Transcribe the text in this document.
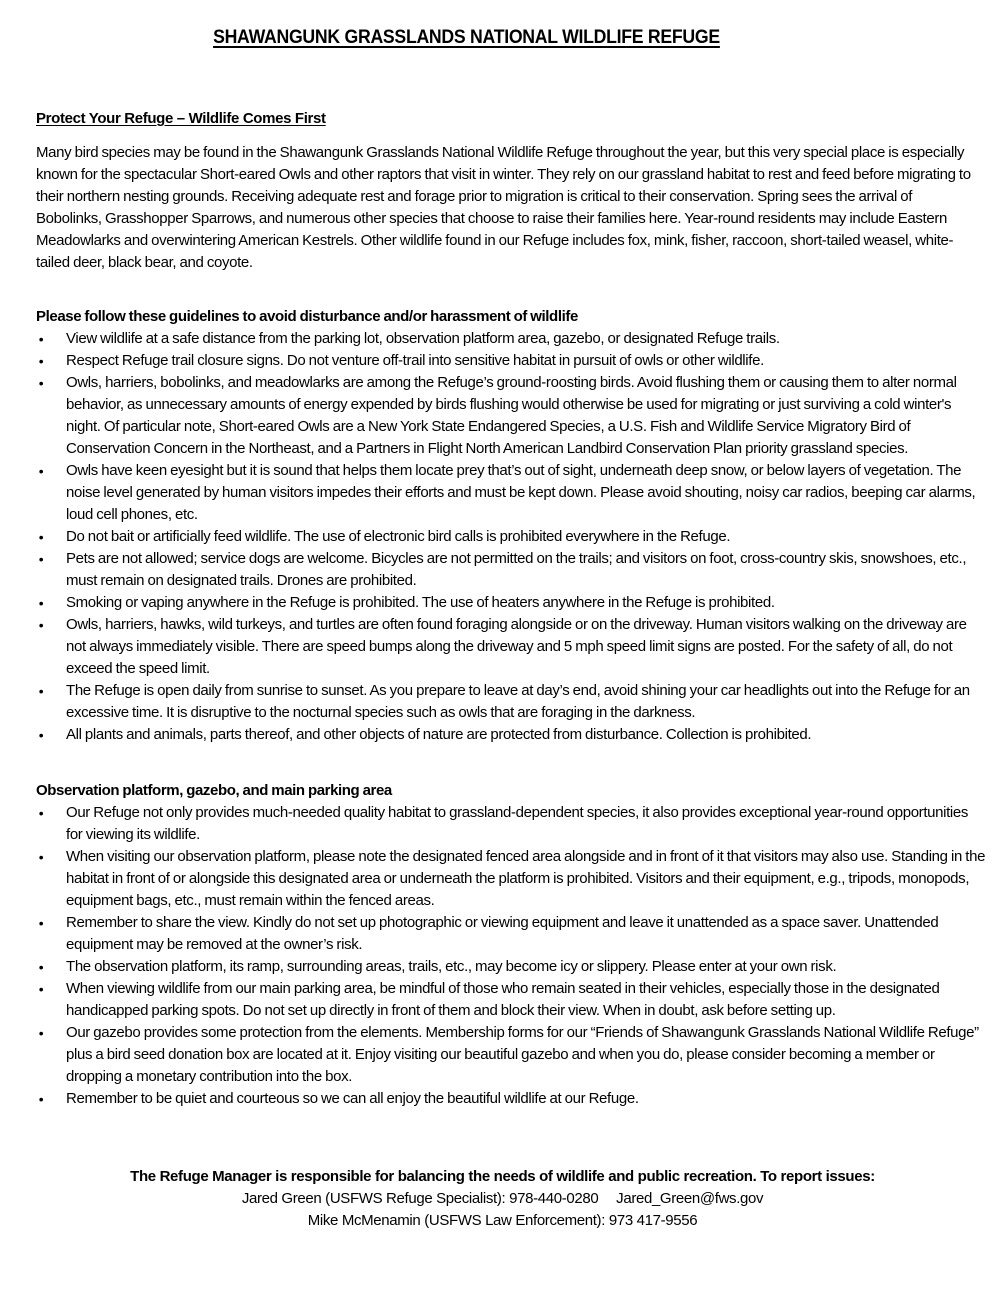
SHAWANGUNK GRASSLANDS NATIONAL WILDLIFE REFUGE
Protect Your Refuge – Wildlife Comes First
Many bird species may be found in the Shawangunk Grasslands National Wildlife Refuge throughout the year, but this very special place is especially known for the spectacular Short-eared Owls and other raptors that visit in winter. They rely on our grassland habitat to rest and feed before migrating to their northern nesting grounds. Receiving adequate rest and forage prior to migration is critical to their conservation. Spring sees the arrival of Bobolinks, Grasshopper Sparrows, and numerous other species that choose to raise their families here. Year-round residents may include Eastern Meadowlarks and overwintering American Kestrels. Other wildlife found in our Refuge includes fox, mink, fisher, raccoon, short-tailed weasel, white-tailed deer, black bear, and coyote.
Please follow these guidelines to avoid disturbance and/or harassment of wildlife
• View wildlife at a safe distance from the parking lot, observation platform area, gazebo, or designated Refuge trails.
• Respect Refuge trail closure signs. Do not venture off-trail into sensitive habitat in pursuit of owls or other wildlife.
• Owls, harriers, bobolinks, and meadowlarks are among the Refuge’s ground-roosting birds. Avoid flushing them or causing them to alter normal behavior, as unnecessary amounts of energy expended by birds flushing would otherwise be used for migrating or just surviving a cold winter's night. Of particular note, Short-eared Owls are a New York State Endangered Species, a U.S. Fish and Wildlife Service Migratory Bird of Conservation Concern in the Northeast, and a Partners in Flight North American Landbird Conservation Plan priority grassland species.
• Owls have keen eyesight but it is sound that helps them locate prey that’s out of sight, underneath deep snow, or below layers of vegetation. The noise level generated by human visitors impedes their efforts and must be kept down. Please avoid shouting, noisy car radios, beeping car alarms, loud cell phones, etc.
• Do not bait or artificially feed wildlife. The use of electronic bird calls is prohibited everywhere in the Refuge.
• Pets are not allowed; service dogs are welcome. Bicycles are not permitted on the trails; and visitors on foot, cross-country skis, snowshoes, etc., must remain on designated trails. Drones are prohibited.
• Smoking or vaping anywhere in the Refuge is prohibited. The use of heaters anywhere in the Refuge is prohibited.
• Owls, harriers, hawks, wild turkeys, and turtles are often found foraging alongside or on the driveway. Human visitors walking on the driveway are not always immediately visible. There are speed bumps along the driveway and 5 mph speed limit signs are posted. For the safety of all, do not exceed the speed limit.
• The Refuge is open daily from sunrise to sunset. As you prepare to leave at day’s end, avoid shining your car headlights out into the Refuge for an excessive time. It is disruptive to the nocturnal species such as owls that are foraging in the darkness.
• All plants and animals, parts thereof, and other objects of nature are protected from disturbance. Collection is prohibited.
Observation platform, gazebo, and main parking area
• Our Refuge not only provides much-needed quality habitat to grassland-dependent species, it also provides exceptional year-round opportunities for viewing its wildlife.
• When visiting our observation platform, please note the designated fenced area alongside and in front of it that visitors may also use. Standing in the habitat in front of or alongside this designated area or underneath the platform is prohibited. Visitors and their equipment, e.g., tripods, monopods, equipment bags, etc., must remain within the fenced areas.
• Remember to share the view. Kindly do not set up photographic or viewing equipment and leave it unattended as a space saver. Unattended equipment may be removed at the owner’s risk.
• The observation platform, its ramp, surrounding areas, trails, etc., may become icy or slippery. Please enter at your own risk.
• When viewing wildlife from our main parking area, be mindful of those who remain seated in their vehicles, especially those in the designated handicapped parking spots. Do not set up directly in front of them and block their view. When in doubt, ask before setting up.
• Our gazebo provides some protection from the elements. Membership forms for our “Friends of Shawangunk Grasslands National Wildlife Refuge” plus a bird seed donation box are located at it. Enjoy visiting our beautiful gazebo and when you do, please consider becoming a member or dropping a monetary contribution into the box.
• Remember to be quiet and courteous so we can all enjoy the beautiful wildlife at our Refuge.
The Refuge Manager is responsible for balancing the needs of wildlife and public recreation. To report issues:
Jared Green (USFWS Refuge Specialist): 978-440-0280 Jared_Green@fws.gov
Mike McMenamin (USFWS Law Enforcement): 973 417-9556
